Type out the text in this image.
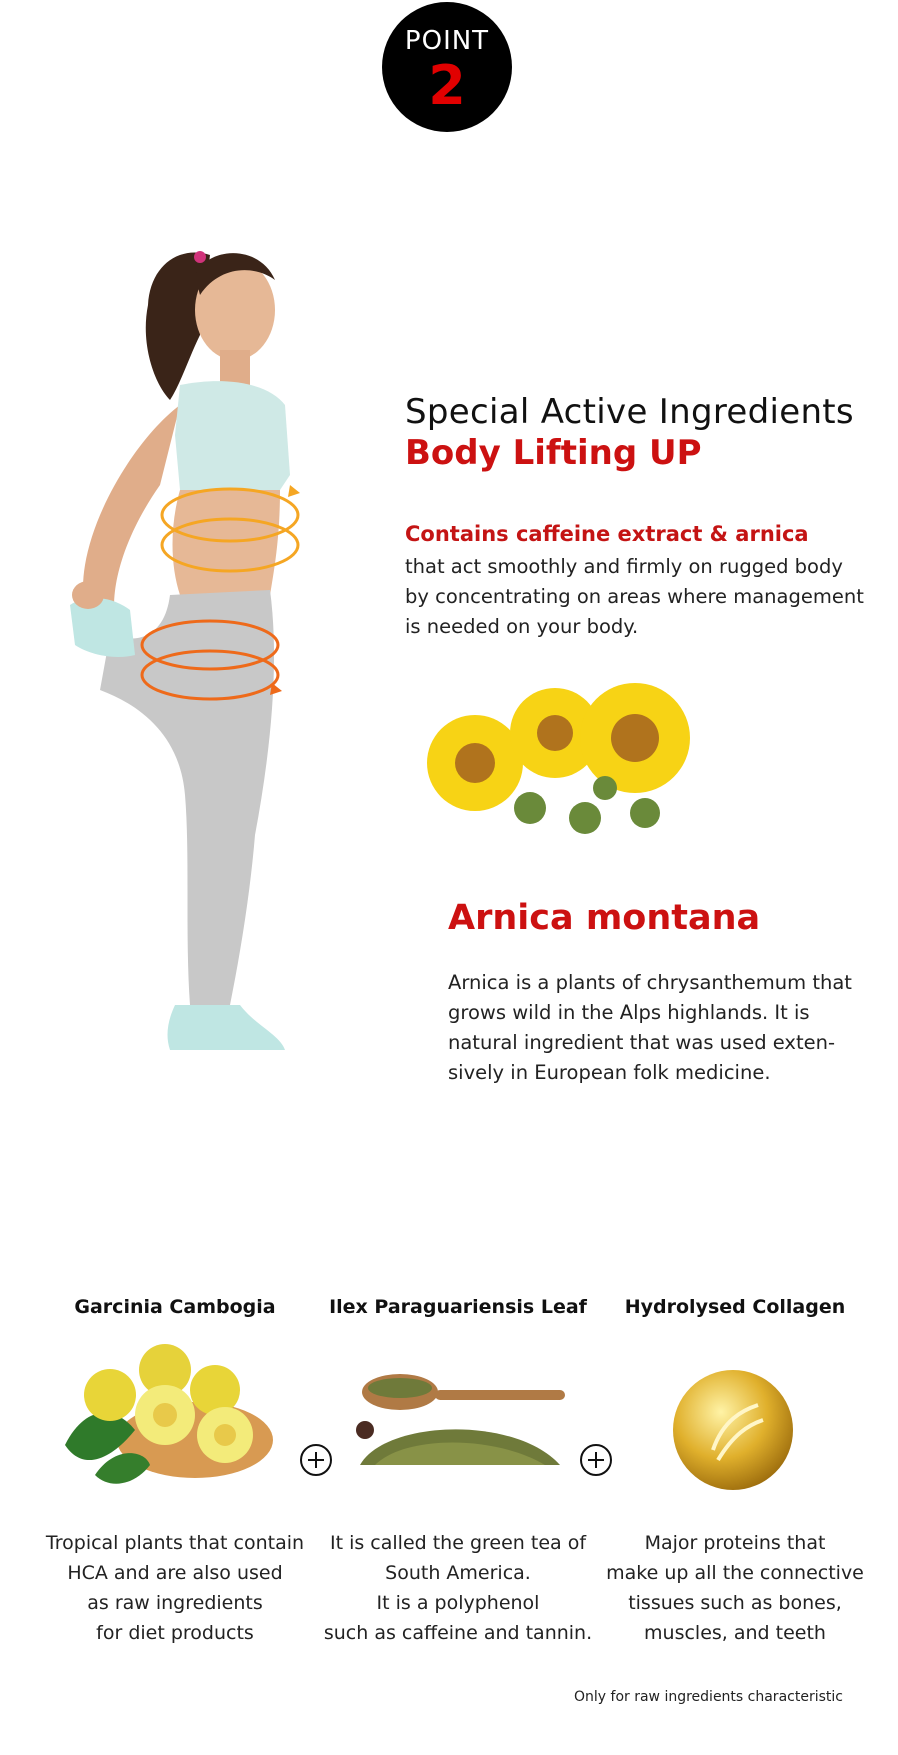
POINT
2
Special Active Ingredients
Body Lifting UP
Contains caffeine extract & arnica
that act smoothly and firmly on rugged body
by concentrating on areas where management
is needed on your body.
Arnica montana
Arnica is a plants of chrysanthemum that
grows wild in the Alps highlands. It is
natural ingredient that was used exten-
sively in European folk medicine.
Garcinia Cambogia	Ilex Paraguariensis Leaf	Hydrolysed Collagen
Tropical plants that contain
HCA and are also used
as raw ingredients
for diet products
It is called the green tea of
South America.
It is a polyphenol
such as caffeine and tannin.
Major proteins that
make up all the connective
tissues such as bones,
muscles, and teeth
Only for raw ingredients characteristic
